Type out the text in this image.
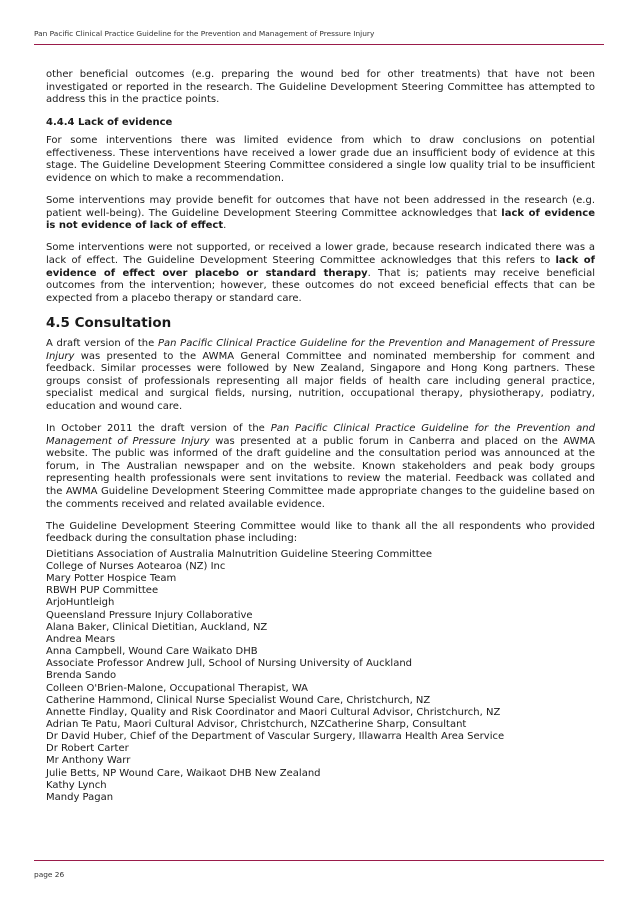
Pan Pacific Clinical Practice Guideline for the Prevention and Management of Pressure Injury

other beneficial outcomes (e.g. preparing the wound bed for other treatments) that have not been investigated or reported in the research. The Guideline Development Steering Committee has attempted to address this in the practice points.

4.4.4 Lack of evidence

For some interventions there was limited evidence from which to draw conclusions on potential effectiveness. These interventions have received a lower grade due an insufficient body of evidence at this stage. The Guideline Development Steering Committee considered a single low quality trial to be insufficient evidence on which to make a recommendation.

Some interventions may provide benefit for outcomes that have not been addressed in the research (e.g. patient well-being). The Guideline Development Steering Committee acknowledges that lack of evidence is not evidence of lack of effect.

Some interventions were not supported, or received a lower grade, because research indicated there was a lack of effect. The Guideline Development Steering Committee acknowledges that this refers to lack of evidence of effect over placebo or standard therapy. That is; patients may receive beneficial outcomes from the intervention; however, these outcomes do not exceed beneficial effects that can be expected from a placebo therapy or standard care.

4.5 Consultation

A draft version of the Pan Pacific Clinical Practice Guideline for the Prevention and Management of Pressure Injury was presented to the AWMA General Committee and nominated membership for comment and feedback. Similar processes were followed by New Zealand, Singapore and Hong Kong partners. These groups consist of professionals representing all major fields of health care including general practice, specialist medical and surgical fields, nursing, nutrition, occupational therapy, physiotherapy, podiatry, education and wound care.

In October 2011 the draft version of the Pan Pacific Clinical Practice Guideline for the Prevention and Management of Pressure Injury was presented at a public forum in Canberra and placed on the AWMA website. The public was informed of the draft guideline and the consultation period was announced at the forum, in The Australian newspaper and on the website. Known stakeholders and peak body groups representing health professionals were sent invitations to review the material. Feedback was collated and the AWMA Guideline Development Steering Committee made appropriate changes to the guideline based on the comments received and related available evidence.

The Guideline Development Steering Committee would like to thank all the all respondents who provided feedback during the consultation phase including:

Dietitians Association of Australia Malnutrition Guideline Steering Committee
College of Nurses Aotearoa (NZ) Inc
Mary Potter Hospice Team
RBWH PUP Committee
ArjoHuntleigh
Queensland Pressure Injury Collaborative
Alana Baker, Clinical Dietitian, Auckland, NZ
Andrea Mears
Anna Campbell, Wound Care Waikato DHB
Associate Professor Andrew Jull, School of Nursing University of Auckland
Brenda Sando
Colleen O'Brien-Malone, Occupational Therapist, WA
Catherine Hammond, Clinical Nurse Specialist Wound Care, Christchurch, NZ
Annette Findlay, Quality and Risk Coordinator and Maori Cultural Advisor, Christchurch, NZ
Adrian Te Patu, Maori Cultural Advisor, Christchurch, NZCatherine Sharp, Consultant
Dr David Huber, Chief of the Department of Vascular Surgery, Illawarra Health Area Service
Dr Robert Carter
Mr Anthony Warr
Julie Betts, NP Wound Care, Waikaot DHB New Zealand
Kathy Lynch
Mandy Pagan
page 26
